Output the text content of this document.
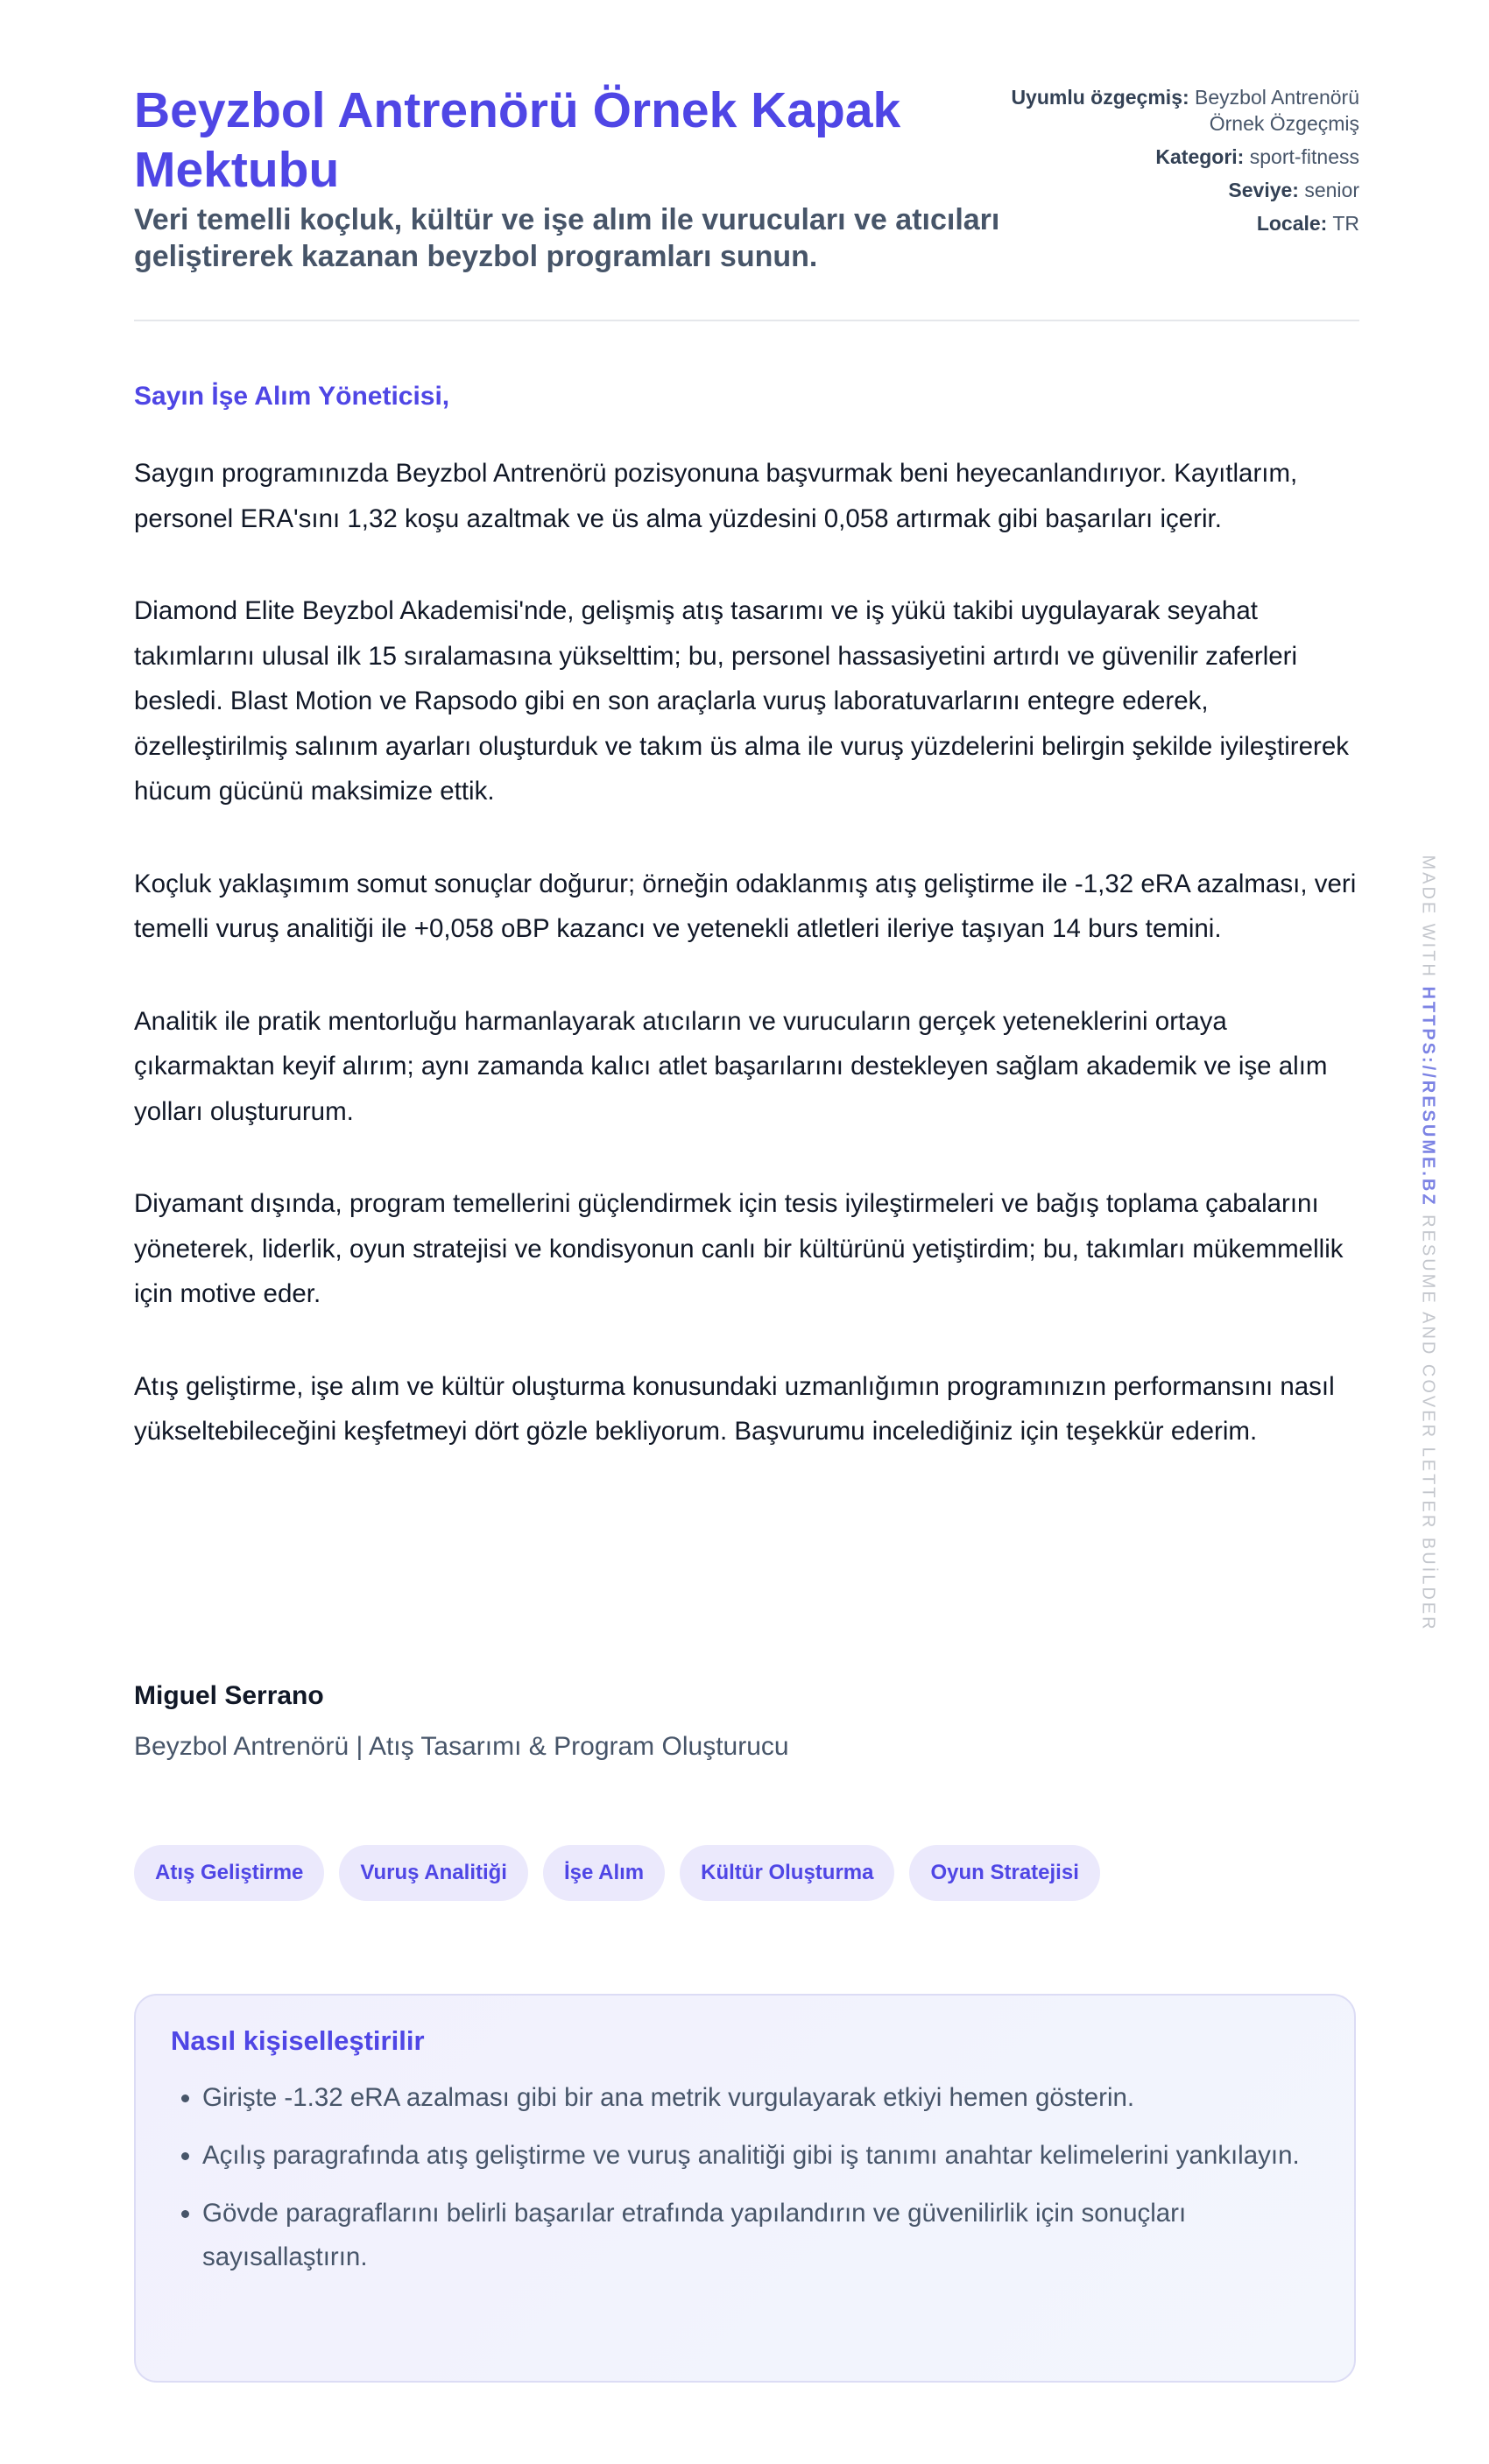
Beyzbol Antrenörü Örnek Kapak Mektubu
Veri temelli koçluk, kültür ve işe alım ile vurucuları ve atıcıları geliştirerek kazanan beyzbol programları sunun.
Uyumlu özgeçmiş: Beyzbol Antrenörü Örnek Özgeçmiş
Kategori: sport-fitness
Seviye: senior
Locale: TR
Sayın İşe Alım Yöneticisi,

Saygın programınızda Beyzbol Antrenörü pozisyonuna başvurmak beni heyecanlandırıyor. Kayıtlarım, personel ERA'sını 1,32 koşu azaltmak ve üs alma yüzdesini 0,058 artırmak gibi başarıları içerir.

Diamond Elite Beyzbol Akademisi'nde, gelişmiş atış tasarımı ve iş yükü takibi uygulayarak seyahat takımlarını ulusal ilk 15 sıralamasına yükselttim; bu, personel hassasiyetini artırdı ve güvenilir zaferleri besledi. Blast Motion ve Rapsodo gibi en son araçlarla vuruş laboratuvarlarını entegre ederek, özelleştirilmiş salınım ayarları oluşturduk ve takım üs alma ile vuruş yüzdelerini belirgin şekilde iyileştirerek hücum gücünü maksimize ettik.

Koçluk yaklaşımım somut sonuçlar doğurur; örneğin odaklanmış atış geliştirme ile -1,32 eRA azalması, veri temelli vuruş analitiği ile +0,058 oBP kazancı ve yetenekli atletleri ileriye taşıyan 14 burs temini.

Analitik ile pratik mentorluğu harmanlayarak atıcıların ve vurucuların gerçek yeteneklerini ortaya çıkarmaktan keyif alırım; aynı zamanda kalıcı atlet başarılarını destekleyen sağlam akademik ve işe alım yolları oluştururum.

Diyamant dışında, program temellerini güçlendirmek için tesis iyileştirmeleri ve bağış toplama çabalarını yöneterek, liderlik, oyun stratejisi ve kondisyonun canlı bir kültürünü yetiştirdim; bu, takımları mükemmellik için motive eder.

Atış geliştirme, işe alım ve kültür oluşturma konusundaki uzmanlığımın programınızın performansını nasıl yükseltebileceğini keşfetmeyi dört gözle bekliyorum. Başvurumu incelediğiniz için teşekkür ederim.

Miguel Serrano
Beyzbol Antrenörü | Atış Tasarımı & Program Oluşturucu
Atış Geliştirme	Vuruş Analitiği	İşe Alım	Kültür Oluşturma	Oyun Stratejisi
Nasıl kişiselleştirilir
• Girişte -1.32 eRA azalması gibi bir ana metrik vurgulayarak etkiyi hemen gösterin.
• Açılış paragrafında atış geliştirme ve vuruş analitiği gibi iş tanımı anahtar kelimelerini yankılayın.
• Gövde paragraflarını belirli başarılar etrafında yapılandırın ve güvenilirlik için sonuçları sayısallaştırın.
MADE WITH HTTPS://RESUME.BZ RESUME AND COVER LETTER BUİLDER
